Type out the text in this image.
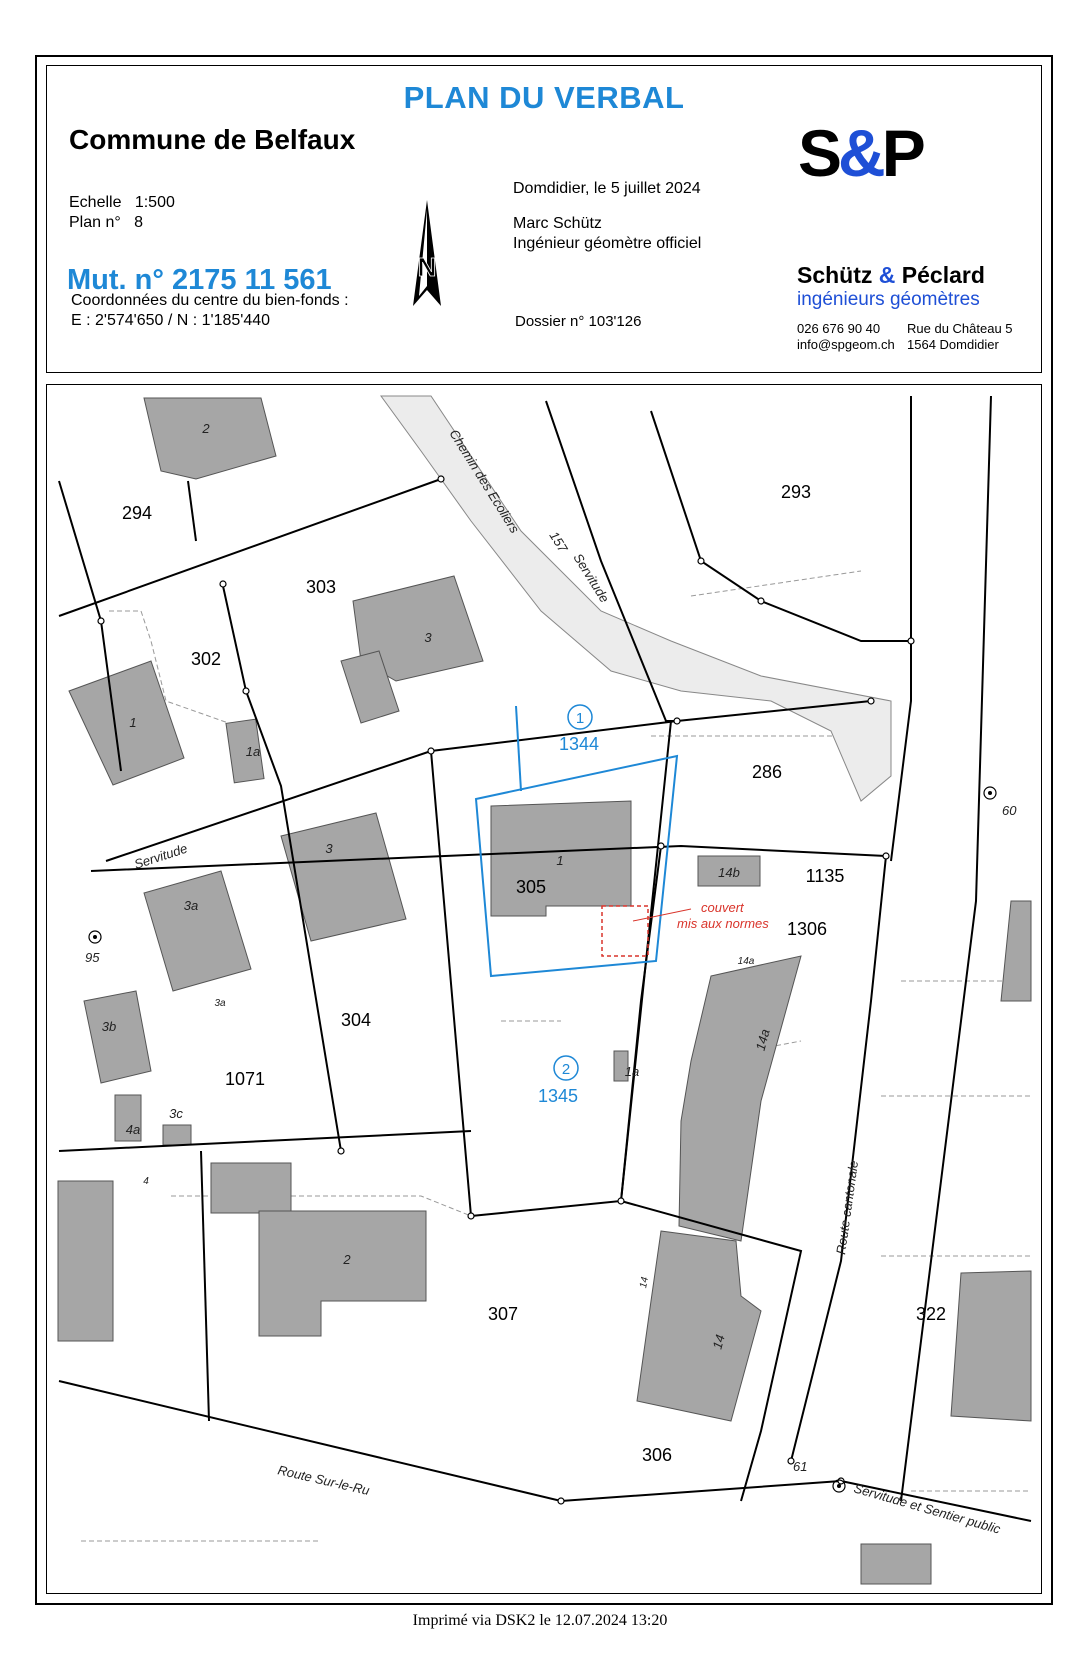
PLAN DU VERBAL
Commune de Belfaux
Echelle 1:500
Plan n° 8
Mut. n° 2175 11 561
Coordonnées du centre du bien-fonds :
E : 2'574'650 / N : 1'185'440
N
Domdidier, le 5 juillet 2024
Marc Schütz
Ingénieur géomètre officiel
Dossier n° 103'126
S&P
Schütz & Péclard
ingénieurs géomètres
026 676 90 40
info@spgeom.ch
Rue du Château 5
1564 Domdidier
294
303
302
293
286
1135
1306
305
304
1071
307
306
322
1
1344
2
1345
2
3
1
1a
3
3a
3a
3b
4a
3c
4
1
14b
14a
14a
1a
2
14
14
Chemin des Ecoliers
Route cantonale
Route Sur-le-Ru
157
Servitude
Servitude
Servitude et Sentier public
95
60
61
couvert
mis aux normes
Imprimé via DSK2 le 12.07.2024 13:20
